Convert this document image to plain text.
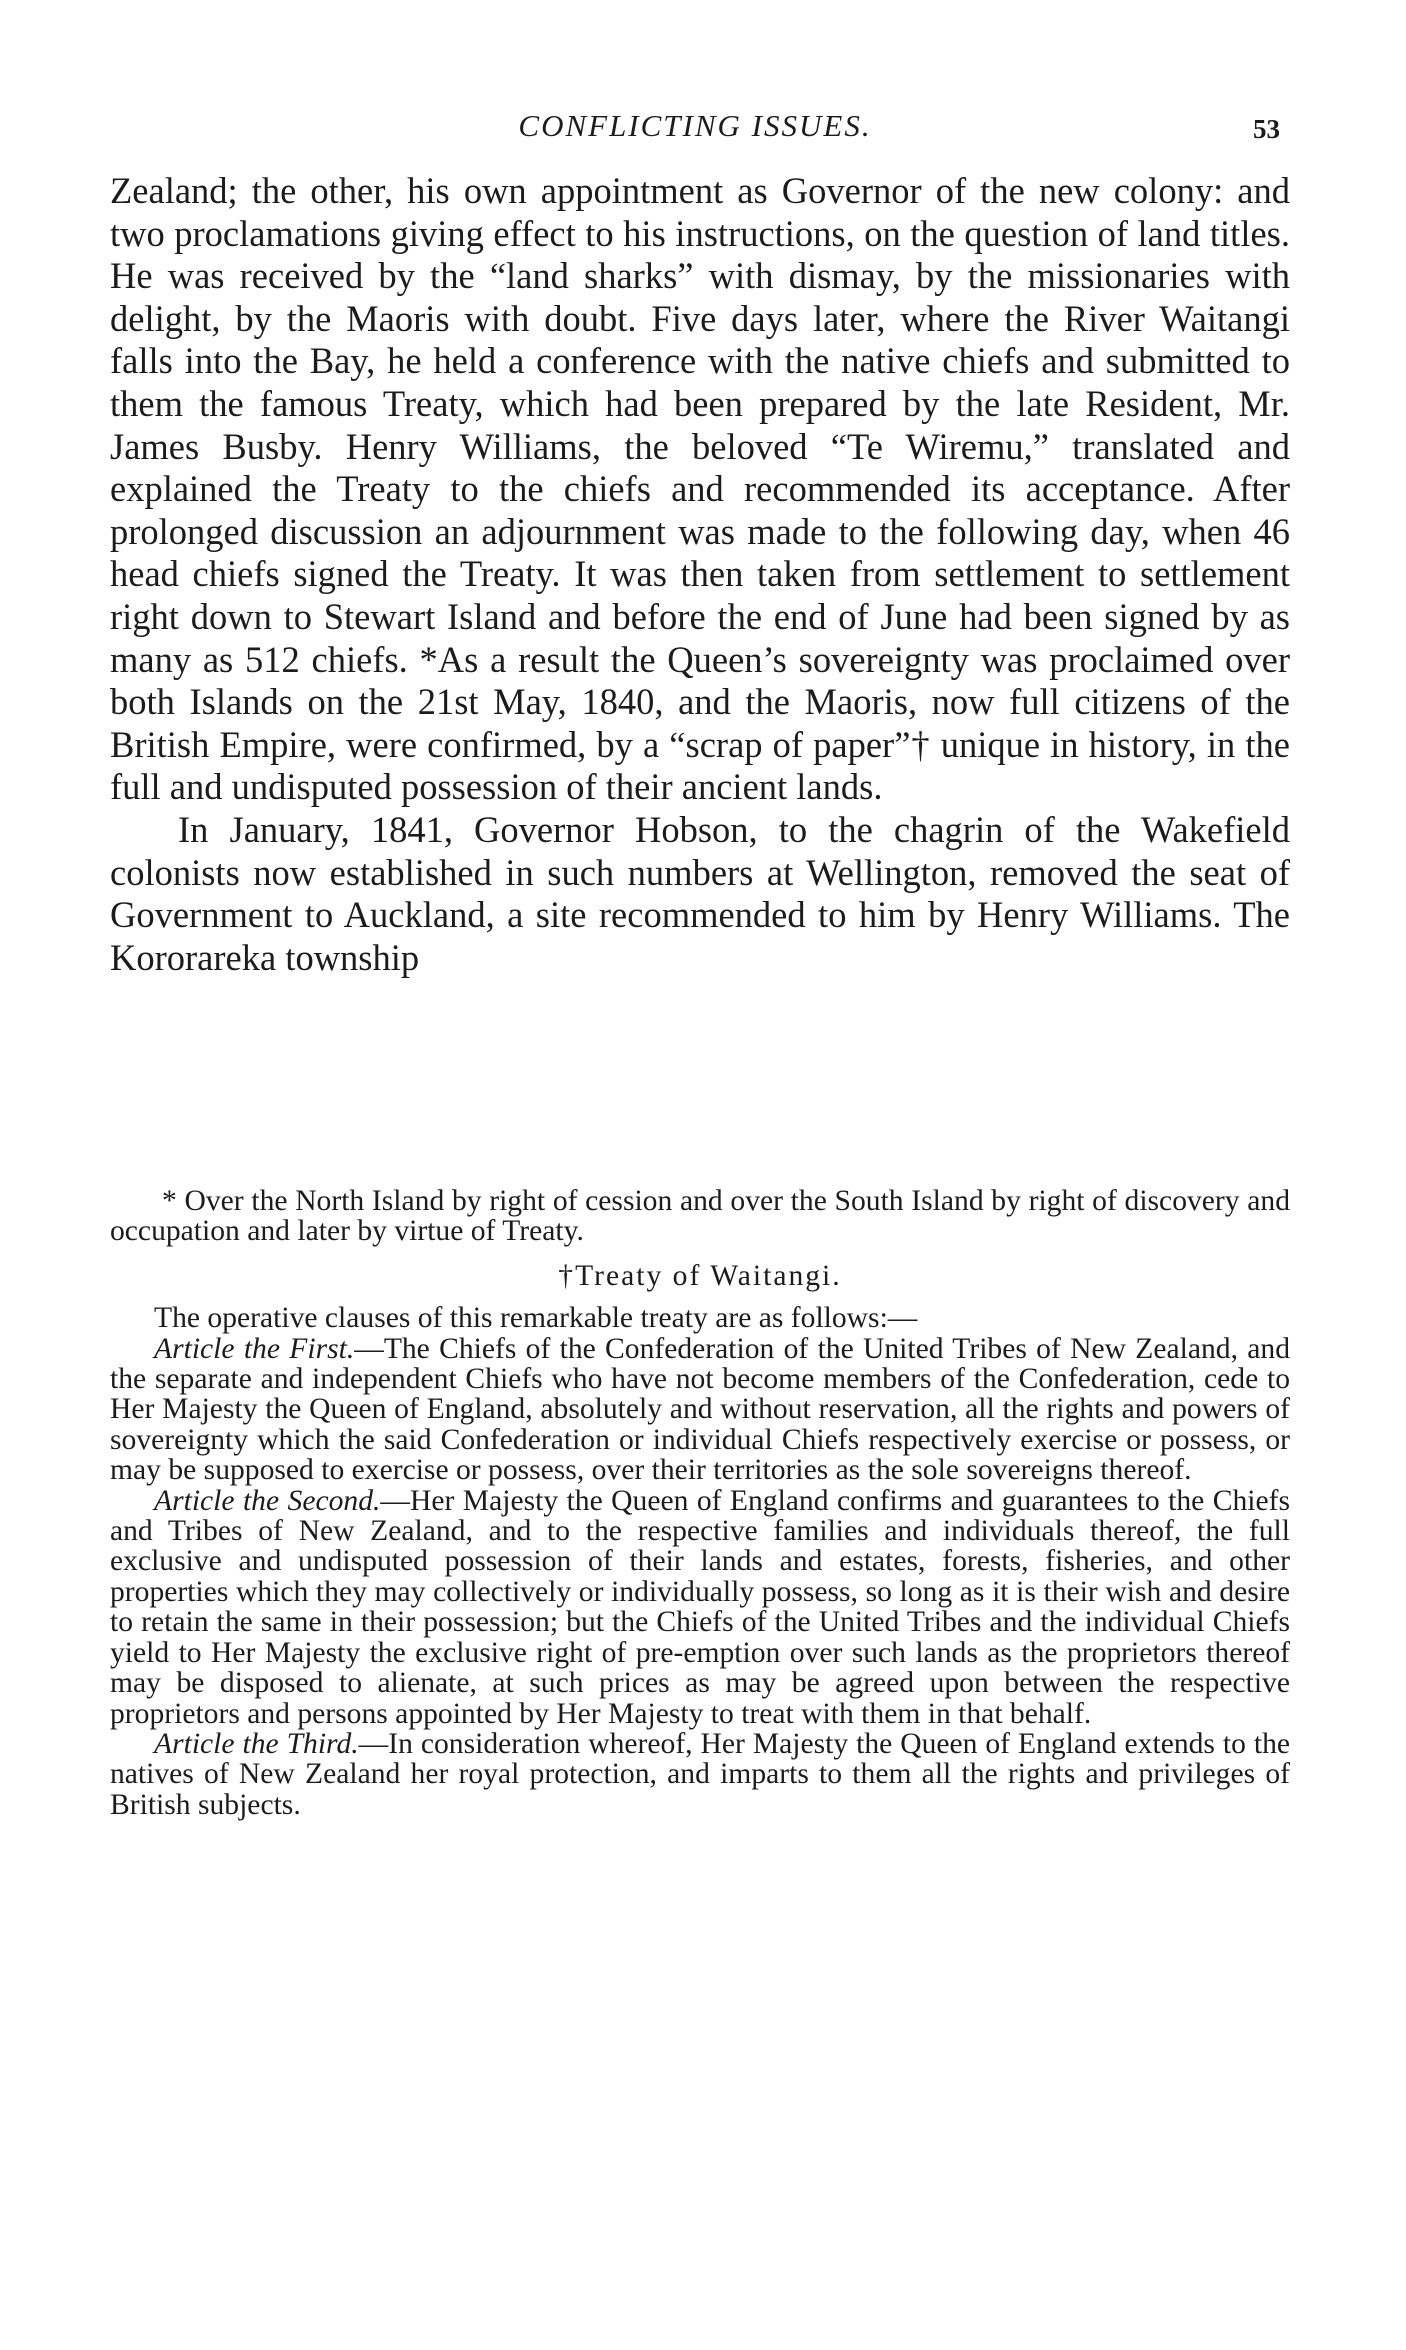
CONFLICTING ISSUES.	53

Zealand; the other, his own appointment as Governor of the new colony: and two proclamations giving effect to his instructions, on the question of land titles. He was received by the “land sharks” with dismay, by the missionaries with delight, by the Maoris with doubt. Five days later, where the River Waitangi falls into the Bay, he held a conference with the native chiefs and submitted to them the famous Treaty, which had been prepared by the late Resident, Mr. James Busby. Henry Williams, the beloved “Te Wiremu,” translated and explained the Treaty to the chiefs and recommended its acceptance. After prolonged discussion an adjournment was made to the following day, when 46 head chiefs signed the Treaty. It was then taken from settlement to settlement right down to Stewart Island and before the end of June had been signed by as many as 512 chiefs. *As a result the Queen’s sovereignty was proclaimed over both Islands on the 21st May, 1840, and the Maoris, now full citizens of the British Empire, were confirmed, by a “scrap of paper”† unique in history, in the full and undisputed possession of their ancient lands.

In January, 1841, Governor Hobson, to the chagrin of the Wakefield colonists now established in such numbers at Wellington, removed the seat of Government to Auckland, a site recommended to him by Henry Williams. The Kororareka township

* Over the North Island by right of cession and over the South Island by right of discovery and occupation and later by virtue of Treaty.

†Treaty of Waitangi.

The operative clauses of this remarkable treaty are as follows:—

Article the First.—The Chiefs of the Confederation of the United Tribes of New Zealand, and the separate and independent Chiefs who have not become members of the Confederation, cede to Her Majesty the Queen of England, absolutely and without reservation, all the rights and powers of sovereignty which the said Confederation or individual Chiefs respectively exercise or possess, or may be supposed to exercise or possess, over their territories as the sole sovereigns thereof.

Article the Second.—Her Majesty the Queen of England confirms and guarantees to the Chiefs and Tribes of New Zealand, and to the respective families and individuals thereof, the full exclusive and undisputed possession of their lands and estates, forests, fisheries, and other properties which they may collectively or individually possess, so long as it is their wish and desire to retain the same in their possession; but the Chiefs of the United Tribes and the individual Chiefs yield to Her Majesty the exclusive right of pre-emption over such lands as the proprietors thereof may be disposed to alienate, at such prices as may be agreed upon between the respective proprietors and persons appointed by Her Majesty to treat with them in that behalf.

Article the Third.—In consideration whereof, Her Majesty the Queen of England extends to the natives of New Zealand her royal protection, and imparts to them all the rights and privileges of British subjects.
